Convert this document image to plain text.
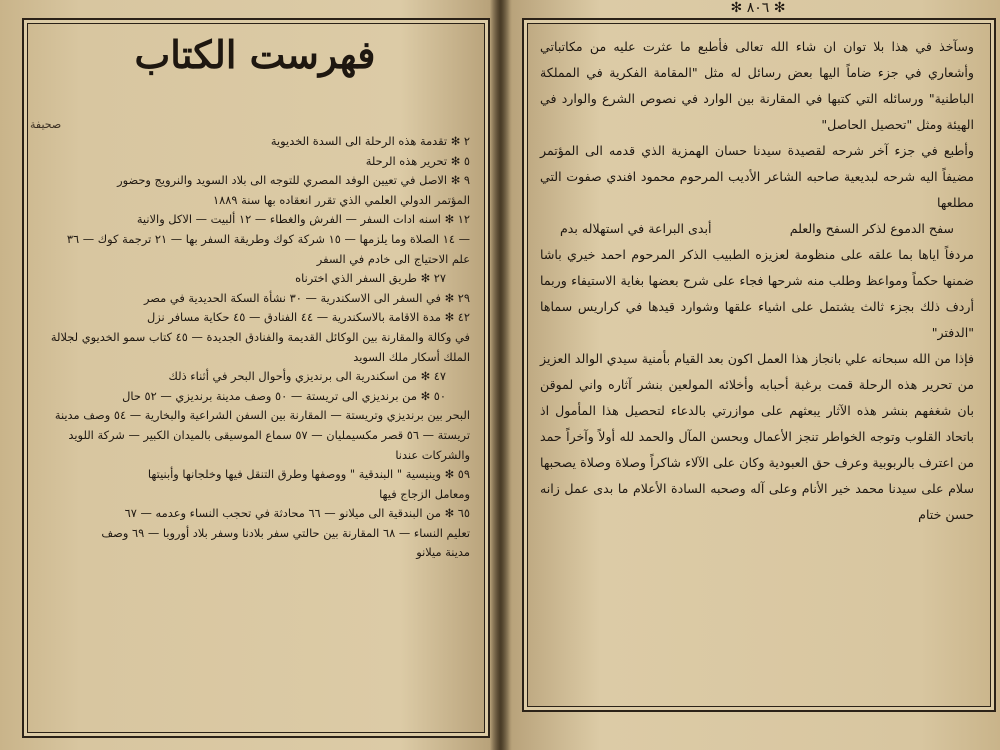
فهرست الكتاب
صحيفة
٢ ✻ تقدمة هذه الرحلة الى السدة الخديوية
٥ ✻ تحرير هذه الرحلة
٩ ✻ الاصل في تعيين الوفد المصري للتوجه الى بلاد السويد والنرويج وحضور
المؤتمر الدولي العلمي الذي تقرر انعقاده بها سنة ١٨٨٩
١٢ ✻ اسنه ادات السفر — الفرش والغطاء — ١٢ ألبيت — الاكل والانية
— ١٤ الصلاة وما يلزمها — ١٥ شركة كوك وطريقة السفر بها — ٢١ ترجمة كوك — ٣٦
علم الاحتياج الى خادم في السفر
٢٧ ✻ طريق السفر الذي اخترناه
٢٩ ✻ في السفر الى الاسكندرية — ٣٠ نشأة السكة الحديدية في مصر
٤٢ ✻ مدة الاقامة بالاسكندرية — ٤٤ الفنادق — ٤٥ حكاية مسافر نزل
في وكالة والمقارنة بين الوكائل القديمة والفنادق الجديدة — ٤٥ كتاب سمو الخديوي لجلالة
الملك أسكار ملك السويد
٤٧ ✻ من اسكندرية الى برنديزي وأحوال البحر في أثناء ذلك
٥٠ ✻ من برنديزي الى تريستة — ٥٠ وصف مدينة برنديزي — ٥٢ حال
البحر بين برنديزي وتريستة — المقارنة بين السفن الشراعية والبخارية — ٥٤ وصف مدينة
تريستة — ٥٦ قصر مكسيمليان — ٥٧ سماع الموسيقى بالميدان الكبير — شركة اللويد
والشركات عندنا
٥٩ ✻ وينيسية " البندقية " ووصفها وطرق التنقل فيها وخلجانها وأبنيتها
ومعامل الزجاج فيها
٦٥ ✻ من البندقية الى ميلانو — ٦٦ محادثة في تحجب النساء وعدمه — ٦٧
تعليم النساء — ٦٨ المقارنة بين حالتي سفر بلادنا وسفر بلاد أوروبا — ٦٩ وصف
مدينة ميلانو
✻ ٨٠٦ ✻

وسآخذ في هذا بلا توان ان شاء الله تعالى فأطبع ما عثرت عليه من مكاتباتي وأشعاري في جزء ضاماً اليها بعض رسائل له مثل "المقامة الفكرية في المملكة الباطنية" ورسائله التي كتبها في المقارنة بين الوارد في نصوص الشرع والوارد في الهيئة ومثل "تحصيل الحاصل"

وأطبع في جزء آخر شرحه لقصيدة سيدنا حسان الهمزية الذي قدمه الى المؤتمر مضيفاً اليه شرحه لبديعية صاحبه الشاعر الأديب المرحوم محمود افندي صفوت التي مطلعها

سفح الدموع لذكر السفح والعلم
أبدى البراعة في استهلاله بدم

مردفاً اياها بما علقه على منظومة لعزيزه الطبيب الذكر المرحوم احمد خيري باشا ضمنها حكماً ومواعظ وطلب منه شرحها فجاء على شرح بعضها بغاية الاستيفاء وربما أردف ذلك بجزء ثالث يشتمل على اشياء علقها وشوارد قيدها في كراريس سماها "الدفتر"

فإذا من الله سبحانه علي بانجاز هذا العمل اكون بعد القيام بأمنية سيدي الوالد العزيز من تحرير هذه الرحلة قمت برغبة أحبابه وأخلائه المولعين بنشر آثاره واني لموقن بان شغفهم بنشر هذه الآثار يبعثهم على موازرتي بالدعاء لتحصيل هذا المأمول اذ باتحاد القلوب وتوجه الخواطر تنجز الأعمال وبحسن المآل والحمد لله أولاً وآخراً حمد من اعترف بالربوبية وعرف حق العبودية وكان على الآلاء شاكراً وصلاة وصلاة يصحبها سلام على سيدنا محمد خير الأنام وعلى آله وصحبه السادة الأعلام ما بدى عمل زانه حسن ختام
